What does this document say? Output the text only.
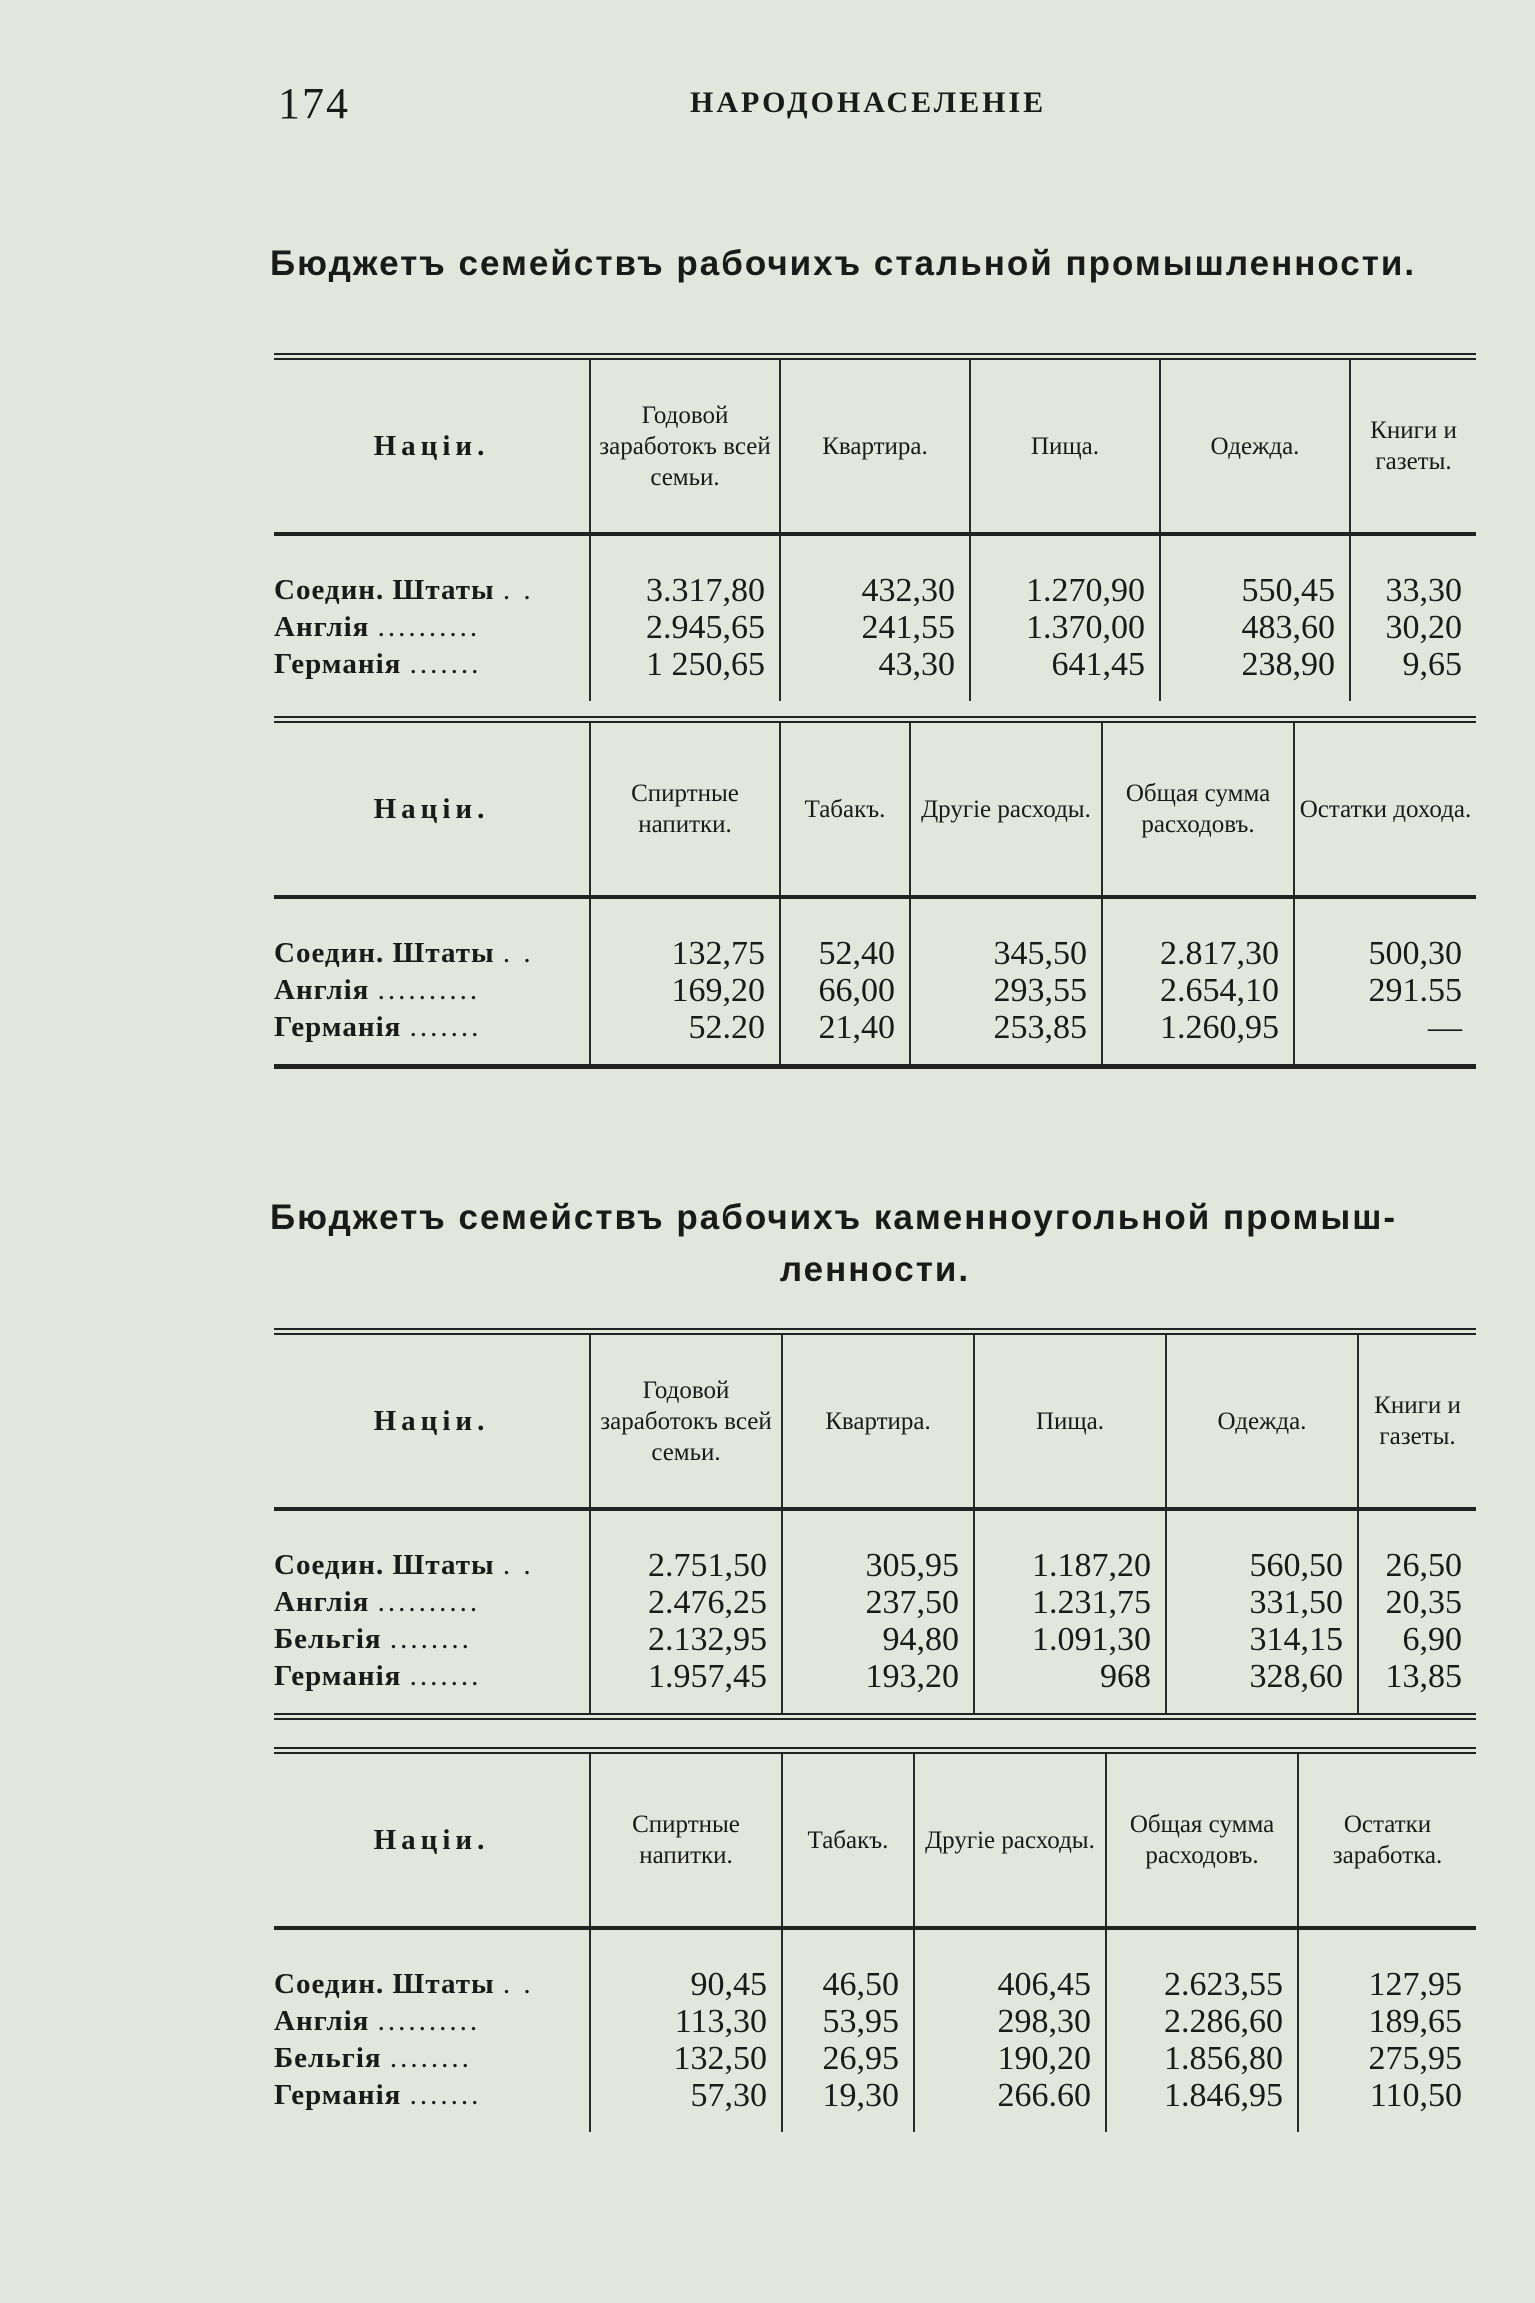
174	НАРОДОНАСЕЛЕНІЕ
Бюджетъ семействъ рабочихъ стальной промышленности.
Націи.	Годовой заработокъ всей семьи.	Квартира.	Пища.	Одежда.	Книги и газеты.
Соедин. Штаты . .	3.317,80	432,30	1.270,90	550,45	33,30
Англія ..........	2.945,65	241,55	1.370,00	483,60	30,20
Германія .......	1 250,65	43,30	641,45	238,90	9,65
Націи.	Спиртные напитки.	Табакъ.	Другіе расходы.	Общая сумма расходовъ.	Остатки дохода.
Соедин. Штаты . .	132,75	52,40	345,50	2.817,30	500,30
Англія ..........	169,20	66,00	293,55	2.654,10	291.55
Германія .......	52.20	21,40	253,85	1.260,95	—
Бюджетъ семействъ рабочихъ каменноугольной промыш-
ленности.
Націи.	Годовой заработокъ всей семьи.	Квартира.	Пища.	Одежда.	Книги и газеты.
Соедин. Штаты . .	2.751,50	305,95	1.187,20	560,50	26,50
Англія ..........	2.476,25	237,50	1.231,75	331,50	20,35
Бельгія ........	2.132,95	94,80	1.091,30	314,15	6,90
Германія .......	1.957,45	193,20	968	328,60	13,85
Націи.	Спиртные напитки.	Табакъ.	Другіе расходы.	Общая сумма расходовъ.	Остатки заработка.
Соедин. Штаты . .	90,45	46,50	406,45	2.623,55	127,95
Англія ..........	113,30	53,95	298,30	2.286,60	189,65
Бельгія ........	132,50	26,95	190,20	1.856,80	275,95
Германія .......	57,30	19,30	266.60	1.846,95	110,50
